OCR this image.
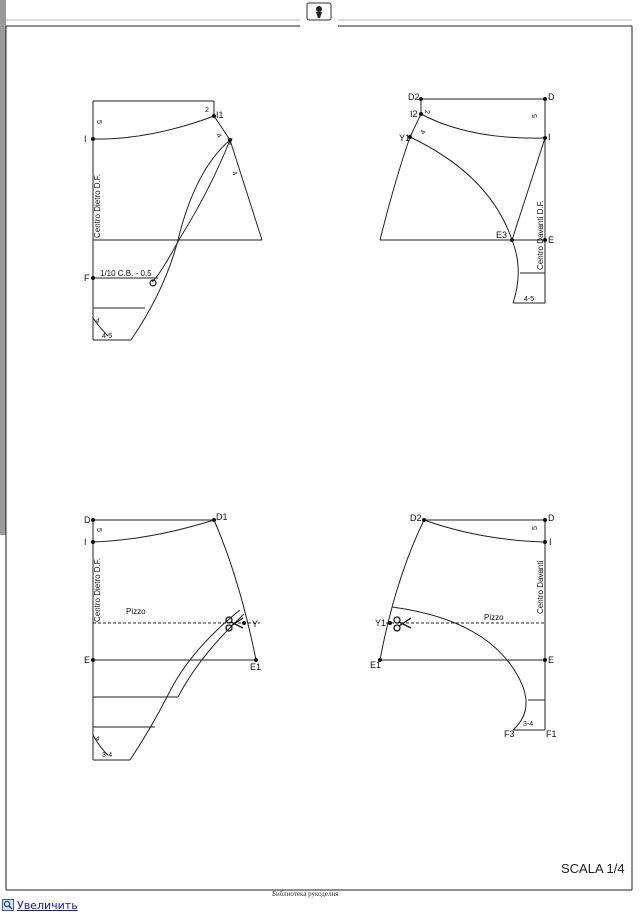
I
I1
Y
F
5
2
4
4
4
4-5
1/10 C.B. - 0,5
Centro Dietro D.F.
D2	D
I2 2
Y1
4
5
I
E3	E
4-5
Centro Davanti D.F.
D	D1
I
5
E
E1
Y
Pizzo
4
3-4
Centro Dietro D.F.
D2	D
I
5
Y1
E1	E
F3	F1
3-4
Pizzo
Centro Davanti
SCALA 1/4
Библиотека рукоделия
Увеличить
